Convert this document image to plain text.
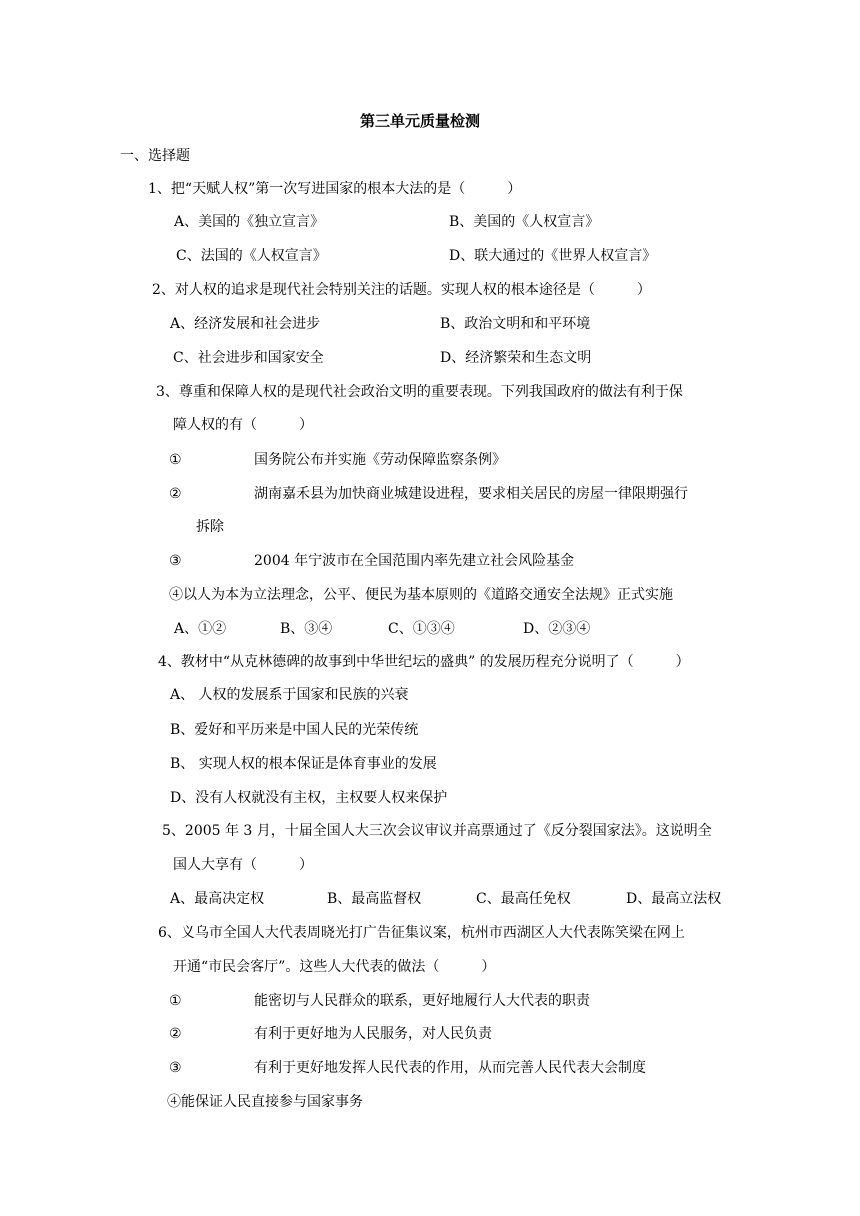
第三单元质量检测
一、选择题
1、把“天赋人权”第一次写进国家的根本大法的是（　　　）
A、美国的《独立宣言》	B、美国的《人权宣言》
C、法国的《人权宣言》	D、联大通过的《世界人权宣言》
2、对人权的追求是现代社会特别关注的话题。实现人权的根本途径是（　　　）
A、经济发展和社会进步	B、政治文明和和平环境
C、社会进步和国家安全	D、经济繁荣和生态文明
3、尊重和保障人权的是现代社会政治文明的重要表现。下列我国政府的做法有利于保
障人权的有（　　　）
①	国务院公布并实施《劳动保障监察条例》
②	湖南嘉禾县为加快商业城建设进程，要求相关居民的房屋一律限期强行
拆除
③	2004 年宁波市在全国范围内率先建立社会风险基金
④以人为本为立法理念，公平、便民为基本原则的《道路交通安全法规》正式实施
A、①②	B、③④	C、①③④	D、②③④
4、教材中“从克林德碑的故事到中华世纪坛的盛典” 的发展历程充分说明了（　　　）
A、 人权的发展系于国家和民族的兴衰
B、爱好和平历来是中国人民的光荣传统
B、 实现人权的根本保证是体育事业的发展
D、没有人权就没有主权，主权要人权来保护
5、2005 年 3 月，十届全国人大三次会议审议并高票通过了《反分裂国家法》。这说明全
国人大享有（　　　）
A、最高决定权	B、最高监督权	C、最高任免权	D、最高立法权
6、义乌市全国人大代表周晓光打广告征集议案，杭州市西湖区人大代表陈笑梁在网上
开通“市民会客厅”。这些人大代表的做法（　　　）
①	能密切与人民群众的联系，更好地履行人大代表的职责
②	有利于更好地为人民服务，对人民负责
③	有利于更好地发挥人民代表的作用，从而完善人民代表大会制度
④能保证人民直接参与国家事务
